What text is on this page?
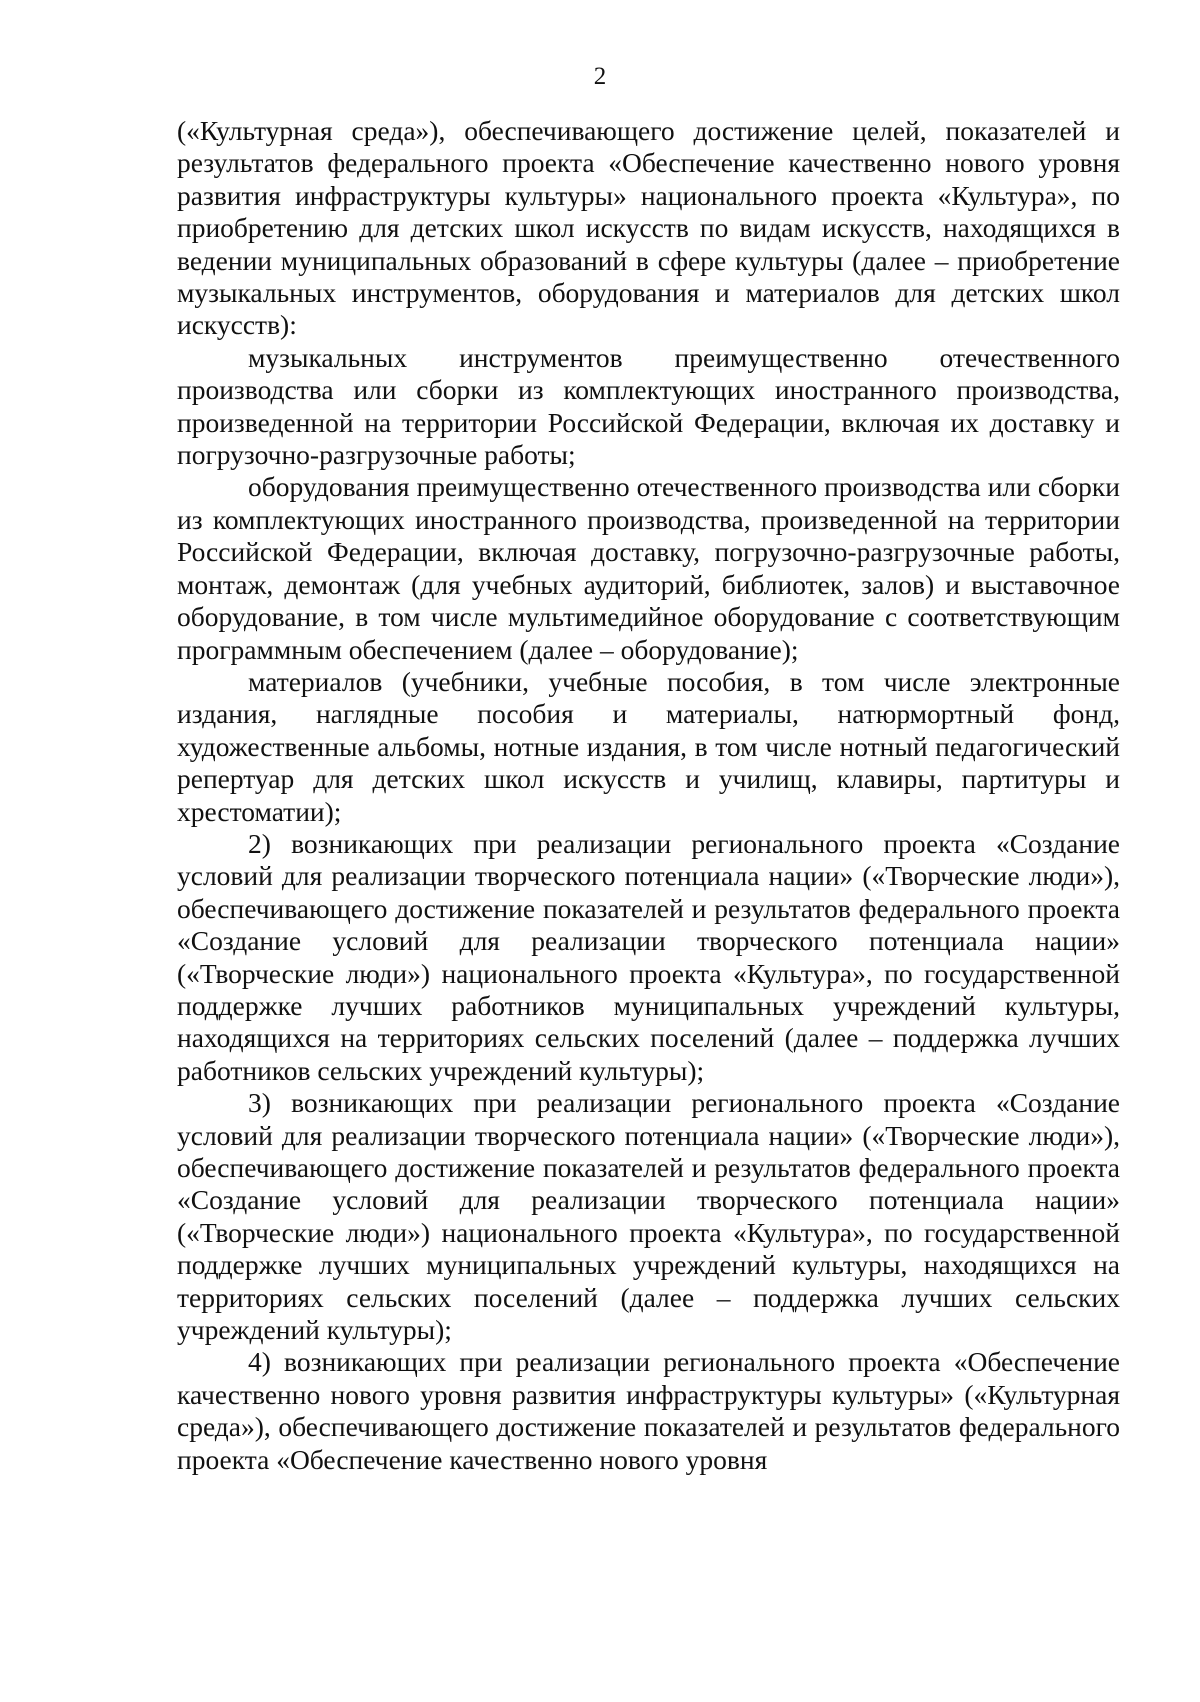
2

(«Культурная среда»), обеспечивающего достижение целей, показателей и результатов федерального проекта «Обеспечение качественно нового уровня развития инфраструктуры культуры» национального проекта «Культура», по приобретению для детских школ искусств по видам искусств, находящихся в ведении муниципальных образований в сфере культуры (далее – приобретение музыкальных инструментов, оборудования и материалов для детских школ искусств):

музыкальных инструментов преимущественно отечественного производства или сборки из комплектующих иностранного производства, произведенной на территории Российской Федерации, включая их доставку и погрузочно-разгрузочные работы;

оборудования преимущественно отечественного производства или сборки из комплектующих иностранного производства, произведенной на территории Российской Федерации, включая доставку, погрузочно-разгрузочные работы, монтаж, демонтаж (для учебных аудиторий, библиотек, залов) и выставочное оборудование, в том числе мультимедийное оборудование с соответствующим программным обеспечением (далее – оборудование);

материалов (учебники, учебные пособия, в том числе электронные издания, наглядные пособия и материалы, натюрмортный фонд, художественные альбомы, нотные издания, в том числе нотный педагогический репертуар для детских школ искусств и училищ, клавиры, партитуры и хрестоматии);

2) возникающих при реализации регионального проекта «Создание условий для реализации творческого потенциала нации» («Творческие люди»), обеспечивающего достижение показателей и результатов федерального проекта «Создание условий для реализации творческого потенциала нации» («Творческие люди») национального проекта «Культура», по государственной поддержке лучших работников муниципальных учреждений культуры, находящихся на территориях сельских поселений (далее – поддержка лучших работников сельских учреждений культуры);

3) возникающих при реализации регионального проекта «Создание условий для реализации творческого потенциала нации» («Творческие люди»), обеспечивающего достижение показателей и результатов федерального проекта «Создание условий для реализации творческого потенциала нации» («Творческие люди») национального проекта «Культура», по государственной поддержке лучших муниципальных учреждений культуры, находящихся на территориях сельских поселений (далее – поддержка лучших сельских учреждений культуры);

4) возникающих при реализации регионального проекта «Обеспечение качественно нового уровня развития инфраструктуры культуры» («Культурная среда»), обеспечивающего достижение показателей и результатов федерального проекта «Обеспечение качественно нового уровня
